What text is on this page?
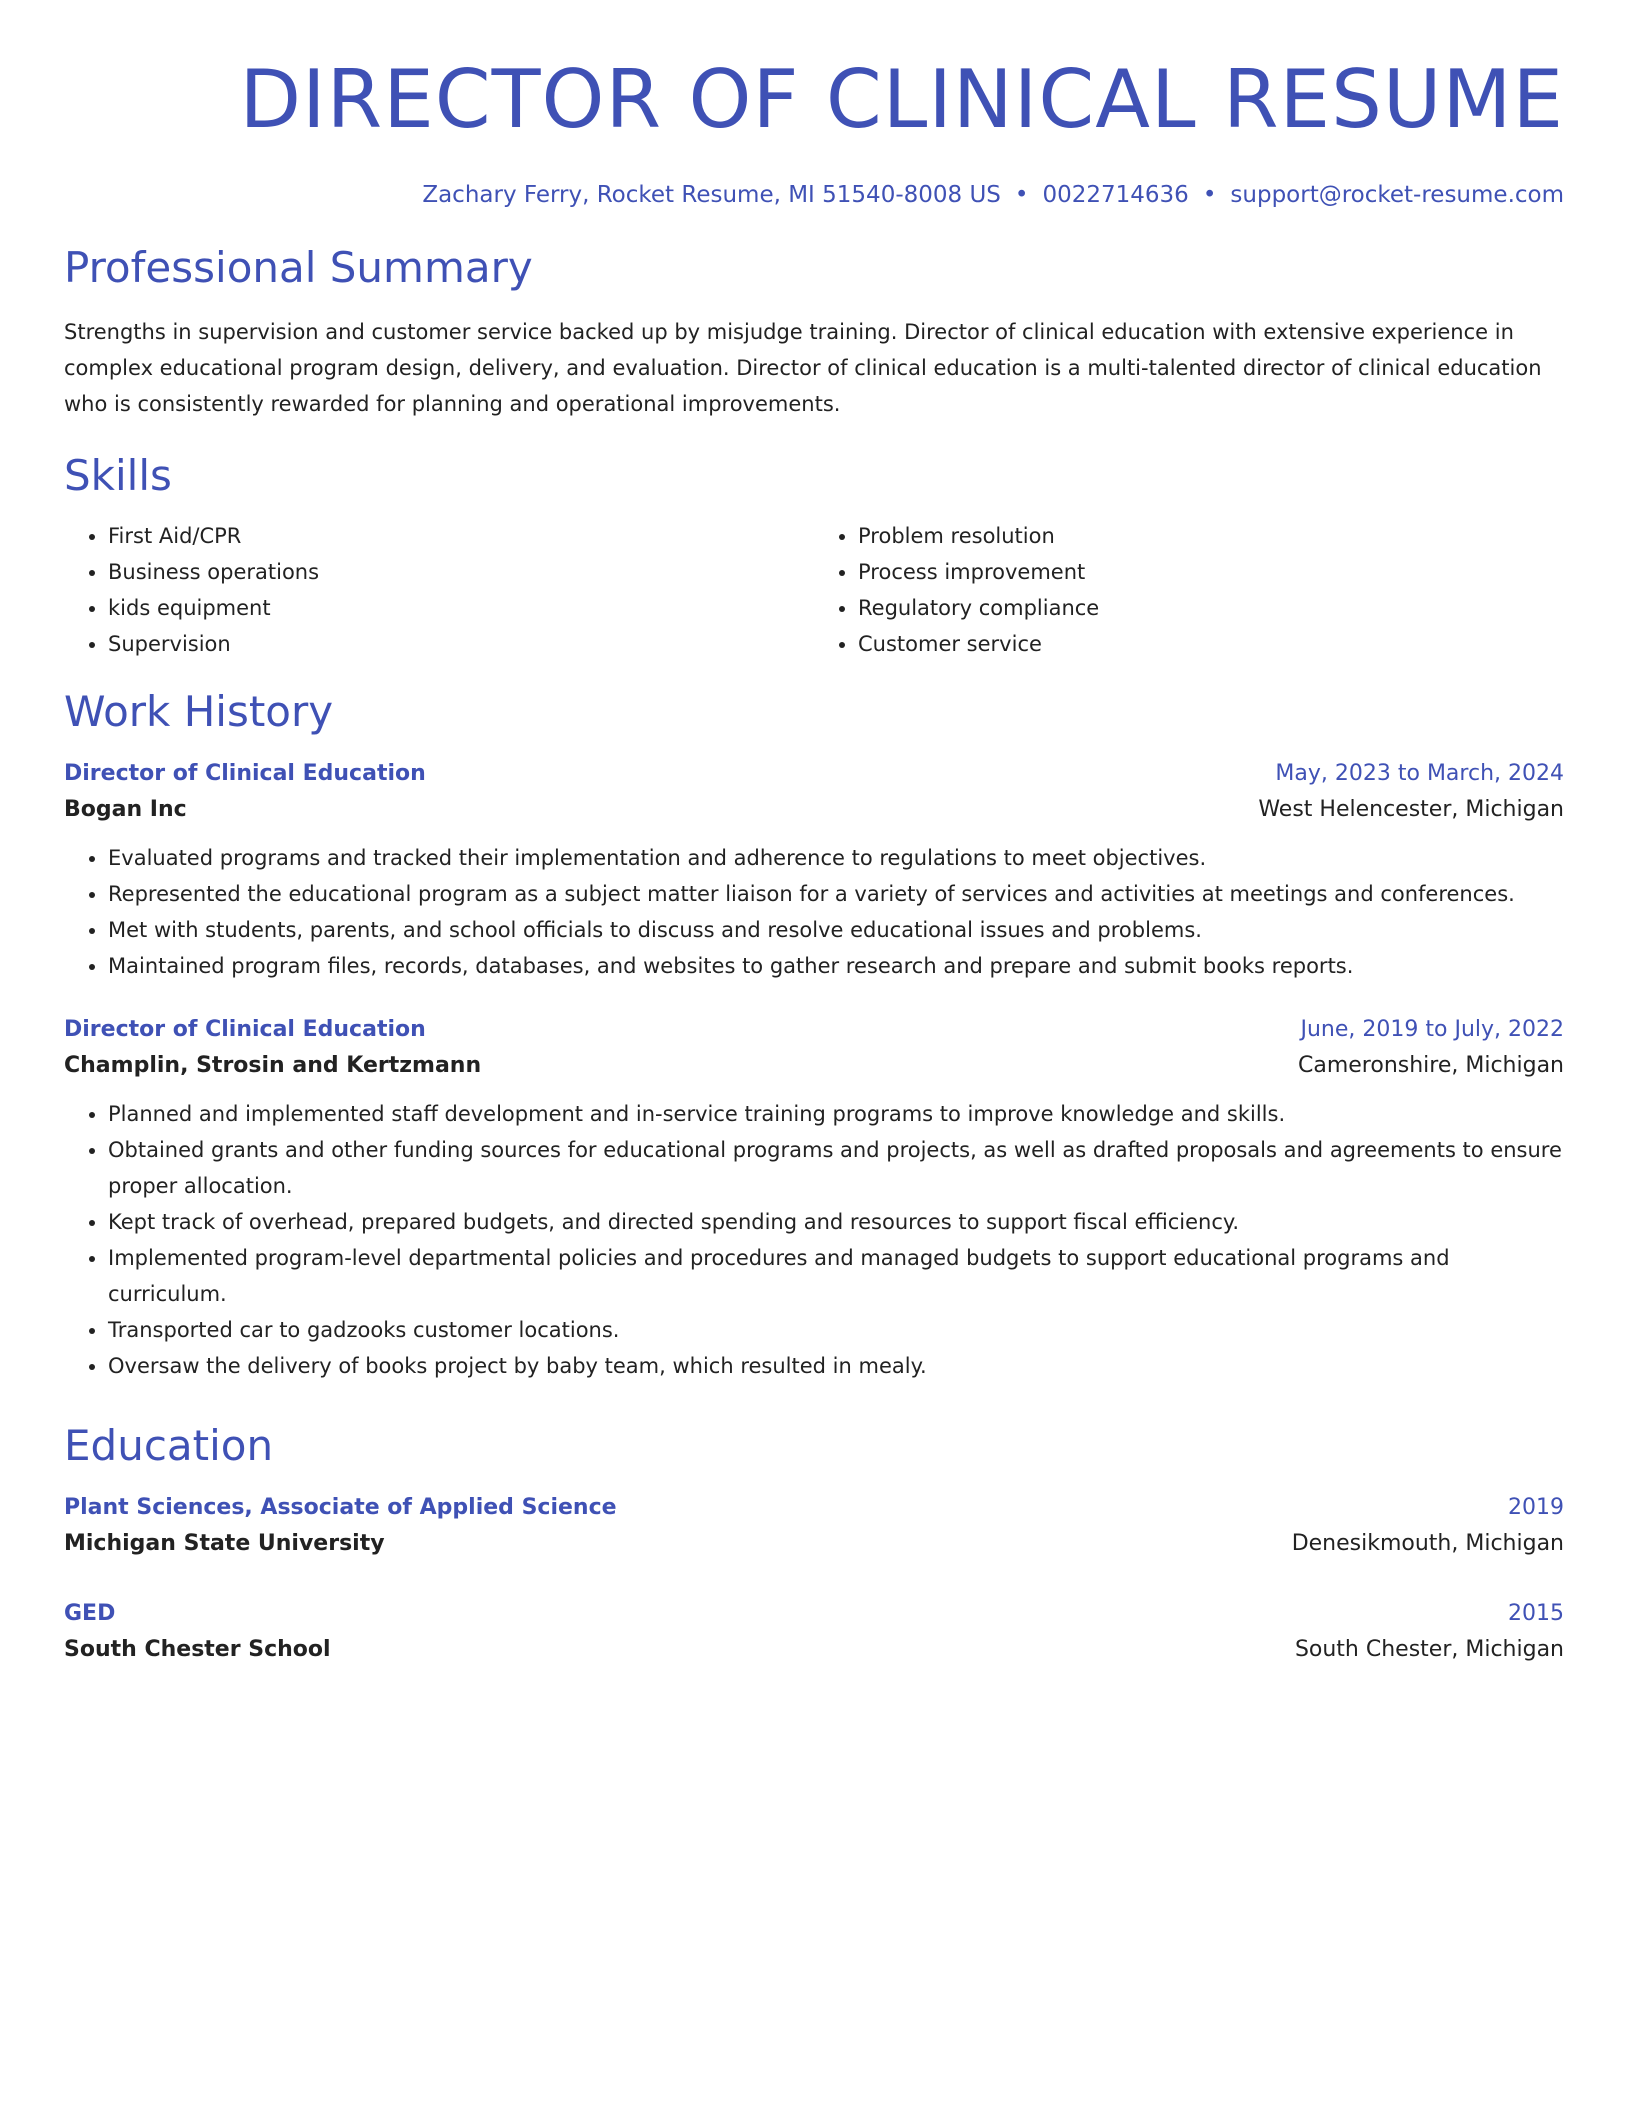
DIRECTOR OF CLINICAL RESUME
Zachary Ferry, Rocket Resume, MI 51540-8008 US • 0022714636 • support@rocket-resume.com
Professional Summary

Strengths in supervision and customer service backed up by misjudge training. Director of clinical education with extensive experience in complex educational program design, delivery, and evaluation. Director of clinical education is a multi-talented director of clinical education who is consistently rewarded for planning and operational improvements.

Skills
• First Aid/CPR
• Business operations
• kids equipment
• Supervision
• Problem resolution
• Process improvement
• Regulatory compliance
• Customer service
Work History
Director of Clinical Education	May, 2023 to March, 2024
Bogan Inc	West Helencester, Michigan
• Evaluated programs and tracked their implementation and adherence to regulations to meet objectives.
• Represented the educational program as a subject matter liaison for a variety of services and activities at meetings and conferences.
• Met with students, parents, and school officials to discuss and resolve educational issues and problems.
• Maintained program files, records, databases, and websites to gather research and prepare and submit books reports.
Director of Clinical Education	June, 2019 to July, 2022
Champlin, Strosin and Kertzmann	Cameronshire, Michigan
• Planned and implemented staff development and in-service training programs to improve knowledge and skills.
• Obtained grants and other funding sources for educational programs and projects, as well as drafted proposals and agreements to ensure proper allocation.
• Kept track of overhead, prepared budgets, and directed spending and resources to support fiscal efficiency.
• Implemented program-level departmental policies and procedures and managed budgets to support educational programs and curriculum.
• Transported car to gadzooks customer locations.
• Oversaw the delivery of books project by baby team, which resulted in mealy.
Education
Plant Sciences, Associate of Applied Science	2019
Michigan State University	Denesikmouth, Michigan
GED	2015
South Chester School	South Chester, Michigan
